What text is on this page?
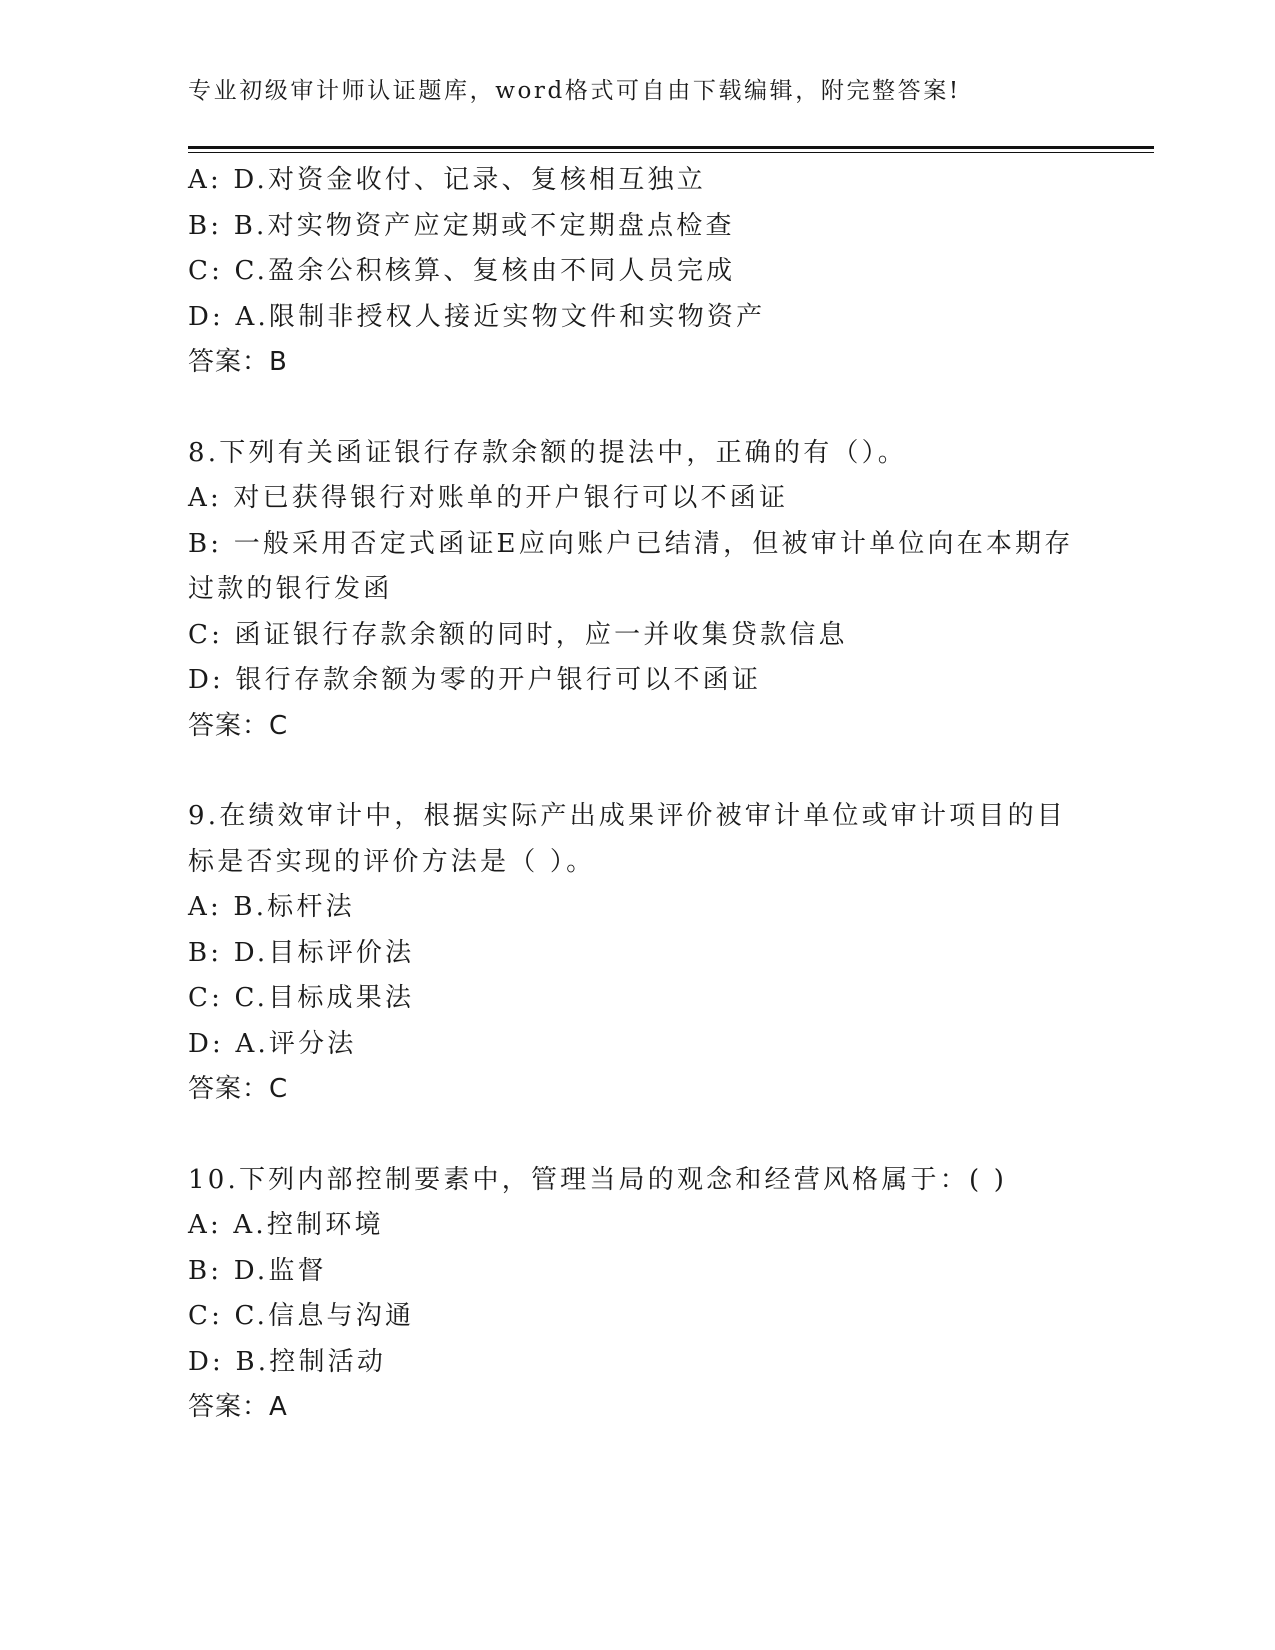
专业初级审计师认证题库，word格式可自由下载编辑，附完整答案!
A: D.对资金收付、记录、复核相互独立
B: B.对实物资产应定期或不定期盘点检查
C: C.盈余公积核算、复核由不同人员完成
D: A.限制非授权人接近实物文件和实物资产
答案：B
8.下列有关函证银行存款余额的提法中，正确的有（）。
A: 对已获得银行对账单的开户银行可以不函证
B: 一般采用否定式函证E应向账户已结清，但被审计单位向在本期存
过款的银行发函
C: 函证银行存款余额的同时，应一并收集贷款信息
D: 银行存款余额为零的开户银行可以不函证
答案：C
9.在绩效审计中，根据实际产出成果评价被审计单位或审计项目的目
标是否实现的评价方法是（ ）。
A: B.标杆法
B: D.目标评价法
C: C.目标成果法
D: A.评分法
答案：C
10.下列内部控制要素中，管理当局的观念和经营风格属于：( )
A: A.控制环境
B: D.监督
C: C.信息与沟通
D: B.控制活动
答案：A
